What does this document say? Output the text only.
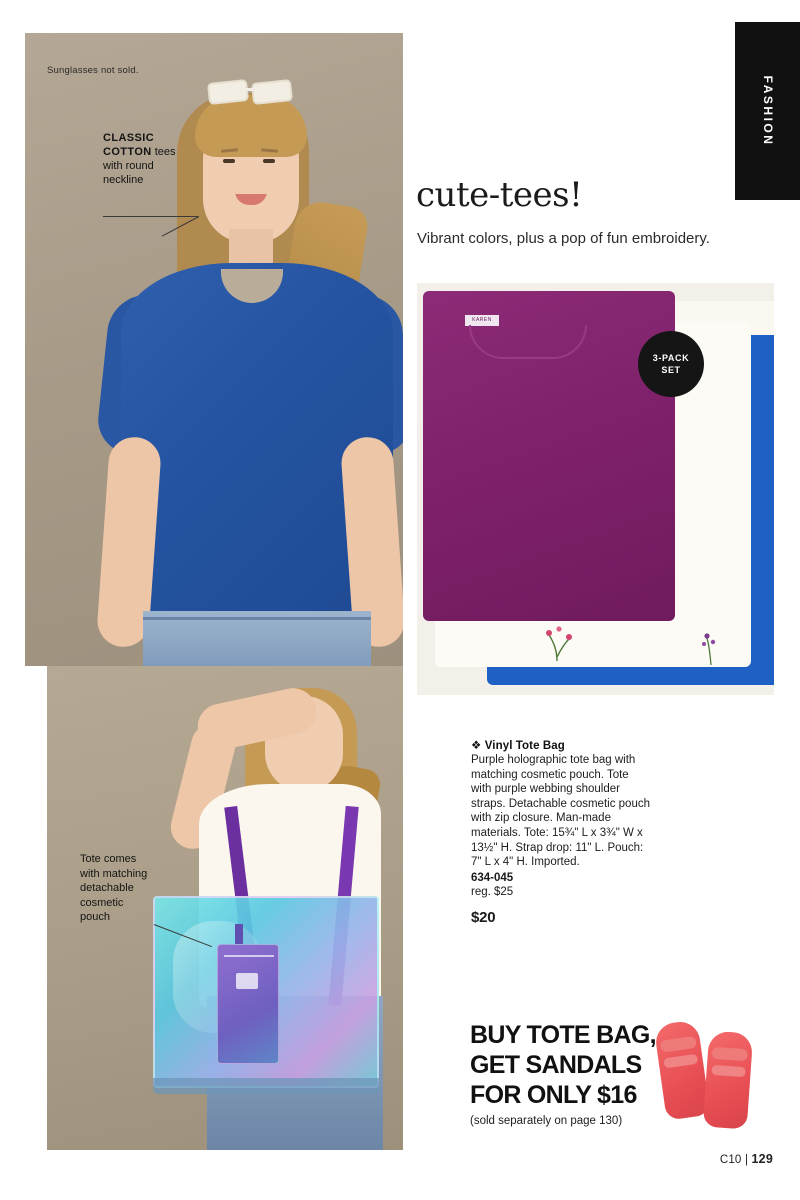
FASHION
Sunglasses not sold.
CLASSIC COTTON tees with round neckline	cute-tees!
Vibrant colors, plus a pop of fun embroidery.
KAREN
3-PACK
SET
Tote comes with matching detachable cosmetic pouch
❖ Vinyl Tote Bag
Purple holographic tote bag with matching cosmetic pouch. Tote with purple webbing shoulder straps. Detachable cosmetic pouch with zip closure. Man-made materials. Tote: 15¾" L x 3¾" W x 13½" H. Strap drop: 11" L. Pouch: 7" L x 4" H. Imported.
634-045
reg. $25
$20
BUY TOTE BAG,
GET SANDALS
FOR ONLY $16
(sold separately on page 130)
C10 | 129
